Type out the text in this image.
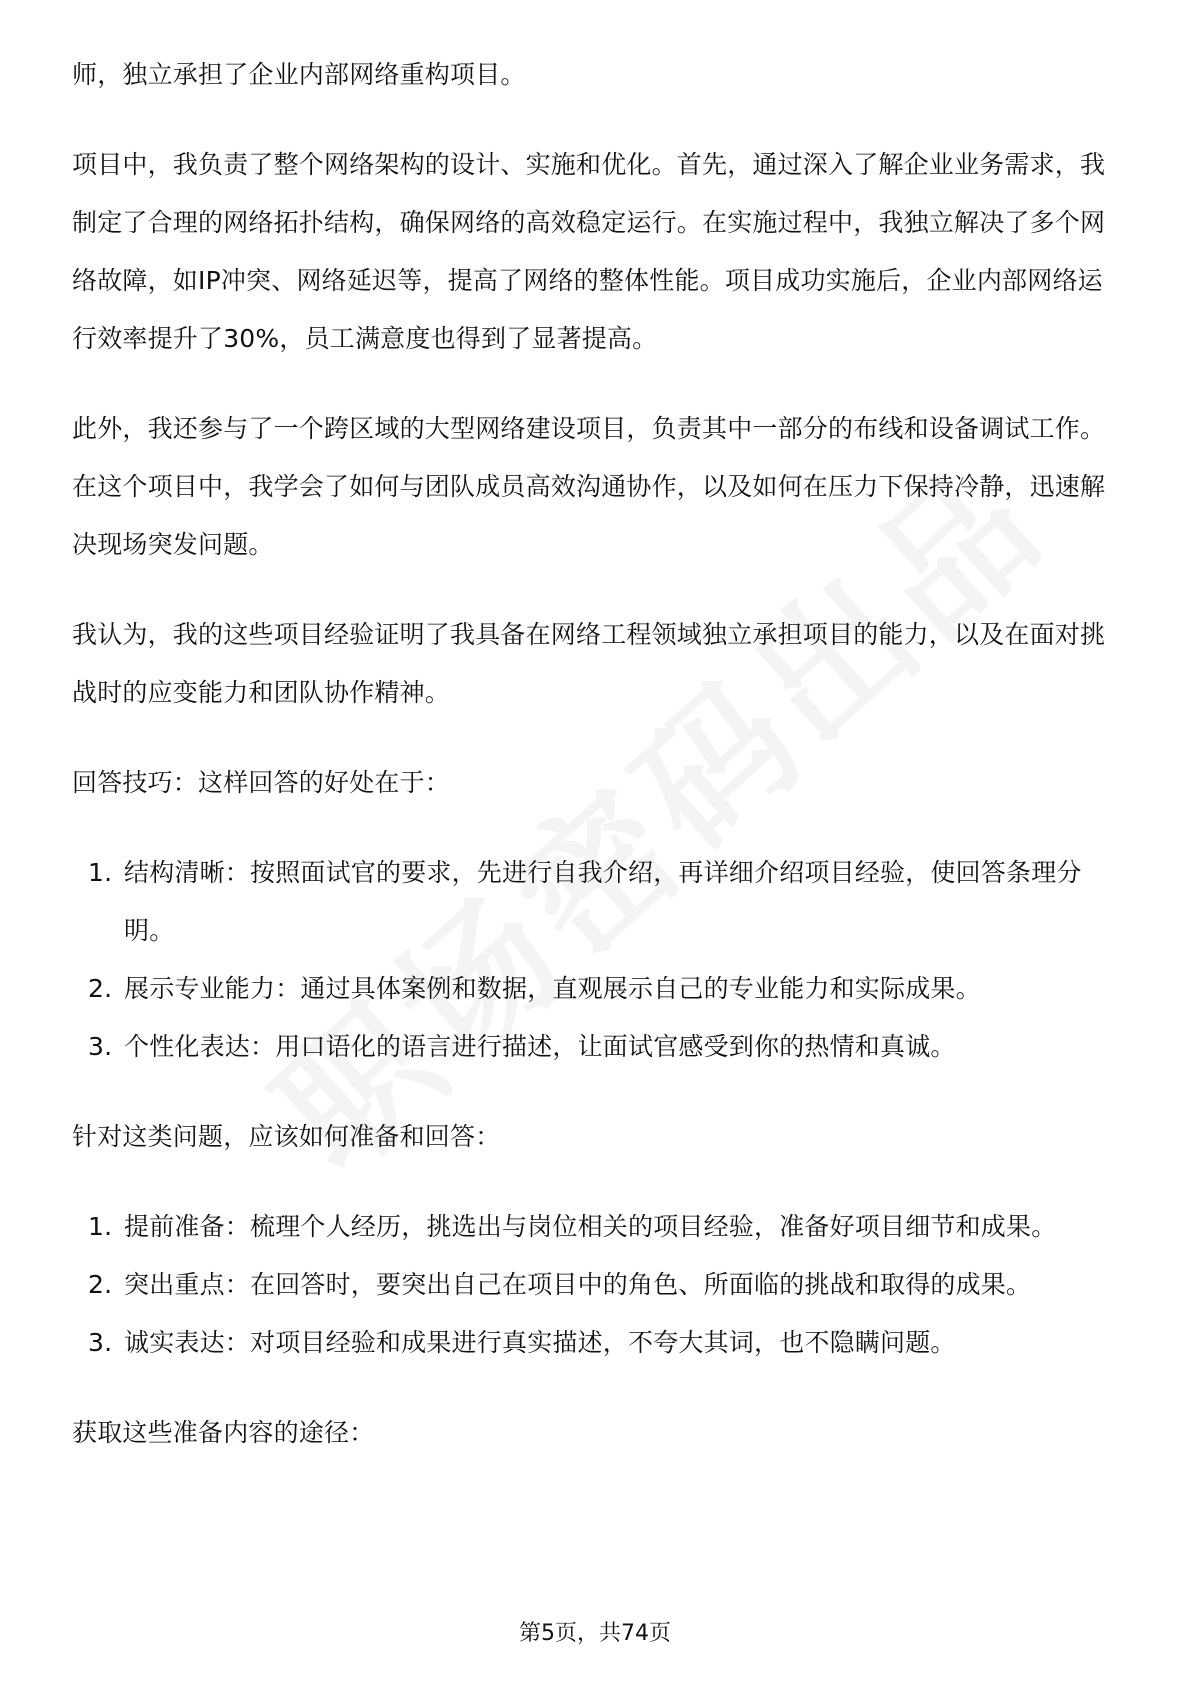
师，独立承担了企业内部网络重构项目。

项目中，我负责了整个网络架构的设计、实施和优化。首先，通过深入了解企业业务需求，我制定了合理的网络拓扑结构，确保网络的高效稳定运行。在实施过程中，我独立解决了多个网络故障，如IP冲突、网络延迟等，提高了网络的整体性能。项目成功实施后，企业内部网络运行效率提升了30%，员工满意度也得到了显著提高。

此外，我还参与了一个跨区域的大型网络建设项目，负责其中一部分的布线和设备调试工作。在这个项目中，我学会了如何与团队成员高效沟通协作，以及如何在压力下保持冷静，迅速解决现场突发问题。

我认为，我的这些项目经验证明了我具备在网络工程领域独立承担项目的能力，以及在面对挑战时的应变能力和团队协作精神。

回答技巧：这样回答的好处在于：

1. 结构清晰：按照面试官的要求，先进行自我介绍，再详细介绍项目经验，使回答条理分明。
2. 展示专业能力：通过具体案例和数据，直观展示自己的专业能力和实际成果。
3. 个性化表达：用口语化的语言进行描述，让面试官感受到你的热情和真诚。

针对这类问题，应该如何准备和回答：

1. 提前准备：梳理个人经历，挑选出与岗位相关的项目经验，准备好项目细节和成果。
2. 突出重点：在回答时，要突出自己在项目中的角色、所面临的挑战和取得的成果。
3. 诚实表达：对项目经验和成果进行真实描述，不夸大其词，也不隐瞒问题。

获取这些准备内容的途径：

第5页，共74页
